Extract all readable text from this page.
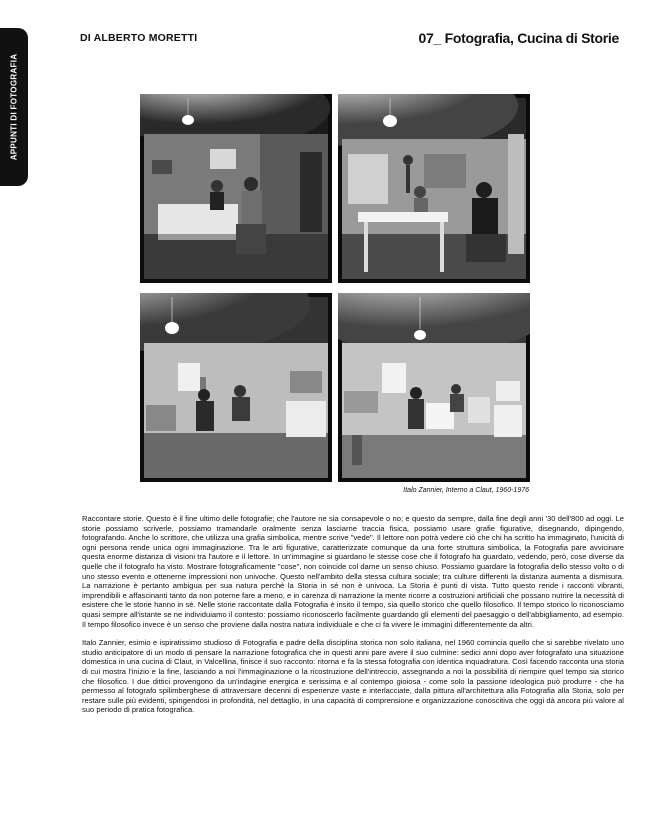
APPUNTI DI FOTOGRAFIA
DI ALBERTO MORETTI	07_ Fotografia, Cucina di Storie
Italo Zannier, Interno a Claut, 1960-1976

Raccontare storie. Questo è il fine ultimo delle fotografie; che l'autore ne sia consapevole o no; e questo da sempre, dalla fine degli anni '30 dell'800 ad oggi. Le storie possiamo scriverle, possiamo tramandarle oralmente senza lasciarne traccia fisica, possiamo usare grafie figurative, disegnando, dipingendo, fotografando. Anche lo scrittore, che utilizza una grafia simbolica, mentre scrive "vede". Il lettore non potrà vedere ciò che chi ha scritto ha immaginato, l'unicità di ogni persona rende unica ogni immaginazione. Tra le arti figurative, caratterizzate comunque da una forte struttura simbolica, la Fotografia pare avvicinare questa enorme distanza di visioni tra l'autore e il lettore. In un'immagine si guardano le stesse cose che il fotografo ha guardato, vedendo, però, cose diverse da quelle che il fotografo ha visto. Mostrare fotograficamente "cose", non coincide col darne un senso chiuso. Possiamo guardare la fotografia dello stesso volto o di uno stesso evento e ottenerne impressioni non univoche. Questo nell'ambito della stessa cultura sociale; tra culture differenti la distanza aumenta a dismisura. La narrazione è pertanto ambigua per sua natura perché la Storia in sé non è univoca. La Storia è punti di vista. Tutto questo rende i racconti vibranti, imprendibili e affascinanti tanto da non poterne fare a meno, e in carenza di narrazione la mente ricorre a costruzioni artificiali che possano nutrire la necessità di esistere che le storie hanno in sé. Nelle storie raccontate dalla Fotografia è insito il tempo, sia quello storico che quello filosofico. Il tempo storico lo riconosciamo quasi sempre all'istante se ne individuiamo il contesto: possiamo riconoscerlo facilmente guardando gli elementi del paesaggio o dell'abbigliamento, ad esempio. Il tempo filosofico invece è un senso che proviene dalla nostra natura individuale e che ci fa vivere le immagini differentemente da altri.

Italo Zannier, esimio e ispiratissimo studioso di Fotografia e padre della disciplina storica non solo italiana, nel 1960 comincia quello che si sarebbe rivelato uno studio anticipatore di un modo di pensare la narrazione fotografica che in questi anni pare avere il suo culmine: sedici anni dopo aver fotografato una situazione domestica in una cucina di Claut, in Valcellina, finisce il suo racconto: ritorna e fa la stessa fotografia con identica inquadratura. Così facendo racconta una storia di cui mostra l'inizio e la fine, lasciando a noi l'immaginazione o la ricostruzione dell'intreccio, assegnando a noi la possibilità di riempire quel tempo sia storico che filosofico. I due dittici provengono da un'indagine energica e serissima e al contempo gioiosa - come solo la passione ideologica può produrre - che ha permesso al fotografo spilimberghese di attraversare decenni di esperienze vaste e interlacciate, dalla pittura all'architettura alla Fotografia alla Storia, solo per restare sulle più evidenti, spingendosi in profondità, nel dettaglio, in una capacità di comprensione e organizzazione conoscitiva che oggi dà ancora più valore al suo periodo di pratica fotografica.
